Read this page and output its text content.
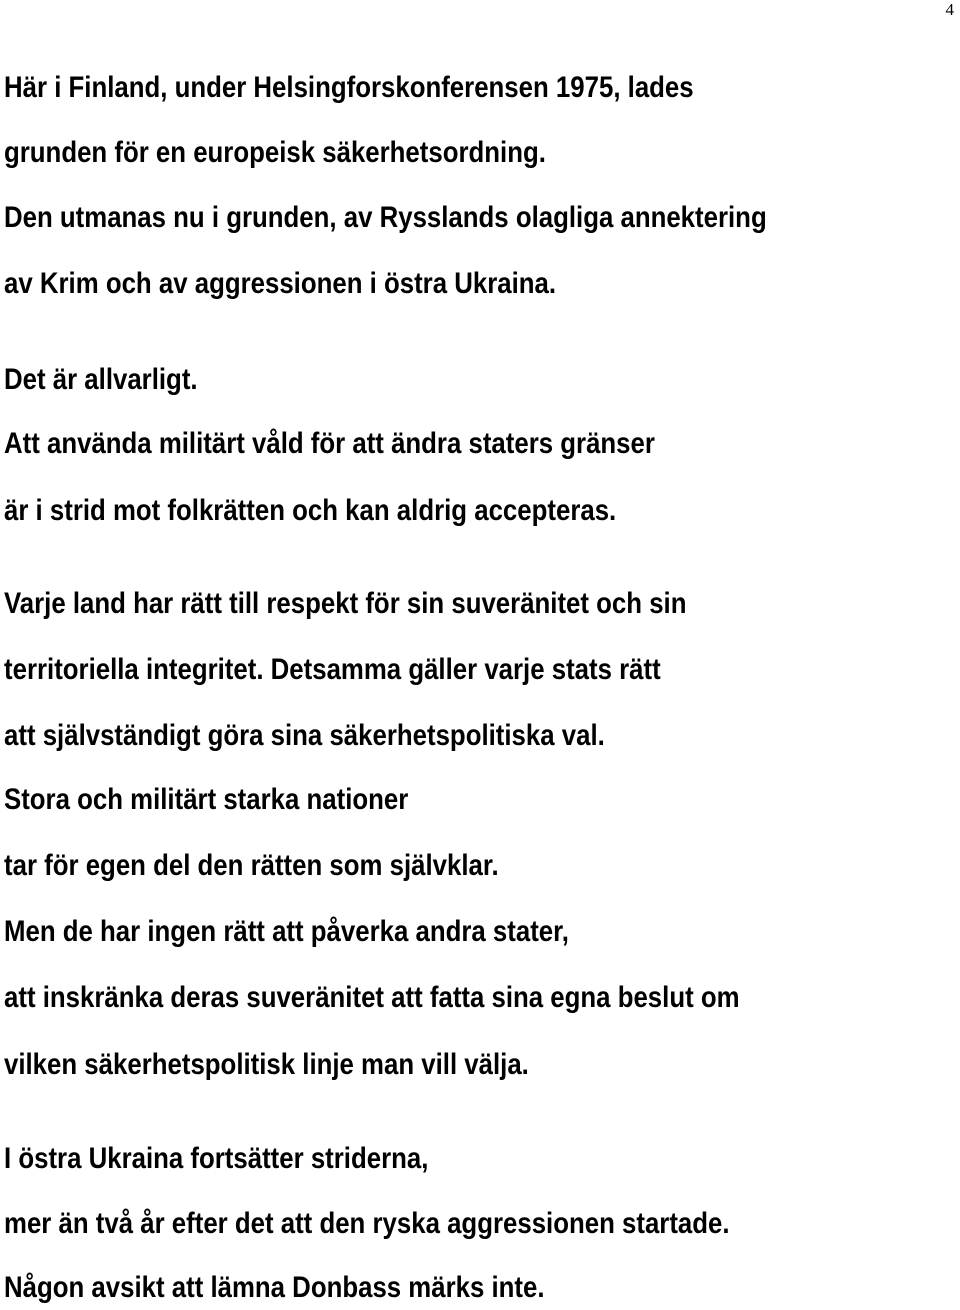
4
Här i Finland, under Helsingforskonferensen 1975, lades
grunden för en europeisk säkerhetsordning.
Den utmanas nu i grunden, av Rysslands olagliga annektering
av Krim och av aggressionen i östra Ukraina.
Det är allvarligt.
Att använda militärt våld för att ändra staters gränser
är i strid mot folkrätten och kan aldrig accepteras.
Varje land har rätt till respekt för sin suveränitet och sin
territoriella integritet. Detsamma gäller varje stats rätt
att självständigt göra sina säkerhetspolitiska val.
Stora och militärt starka nationer
tar för egen del den rätten som självklar.
Men de har ingen rätt att påverka andra stater,
att inskränka deras suveränitet att fatta sina egna beslut om
vilken säkerhetspolitisk linje man vill välja.
I östra Ukraina fortsätter striderna,
mer än två år efter det att den ryska aggressionen startade.
Någon avsikt att lämna Donbass märks inte.
